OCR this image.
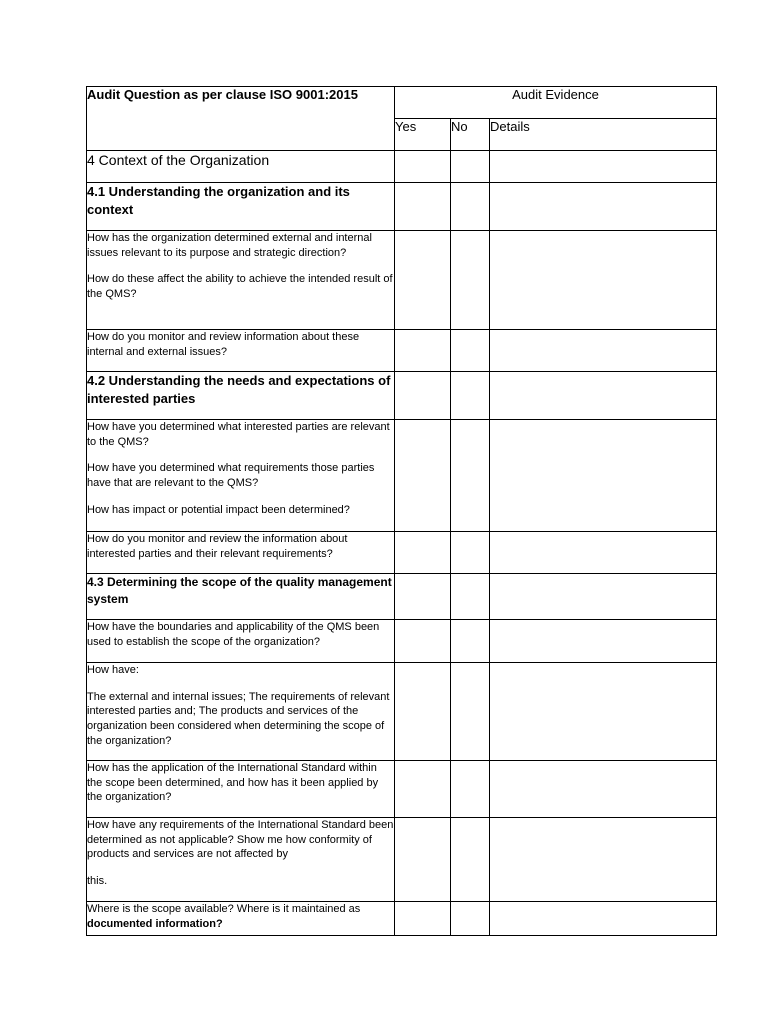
Audit Question as per clause ISO 9001:2015	Audit Evidence		
	Yes	No	Details
4 Context of the Organization			
4.1 Understanding the organization and its context			

How has the organization determined external and internal issues relevant to its purpose and strategic direction?

How do these affect the ability to achieve the intended result of the QMS?			

How do you monitor and review information about these internal and external issues?			

4.2 Understanding the needs and expectations of interested parties			

How have you determined what interested parties are relevant to the QMS?

How have you determined what requirements those parties have that are relevant to the QMS?

How has impact or potential impact been determined?			

How do you monitor and review the information about interested parties and their relevant requirements?			

4.3 Determining the scope of the quality management system			

How have the boundaries and applicability of the QMS been used to establish the scope of the organization?			

How have:

The external and internal issues; The requirements of relevant interested parties and; The products and services of the organization been considered when determining the scope of the organization?			

How has the application of the International Standard within the scope been determined, and how has it been applied by the organization?			

How have any requirements of the International Standard been determined as not applicable? Show me how conformity of products and services are not affected by

this.			

Where is the scope available? Where is it maintained as
documented information?			
